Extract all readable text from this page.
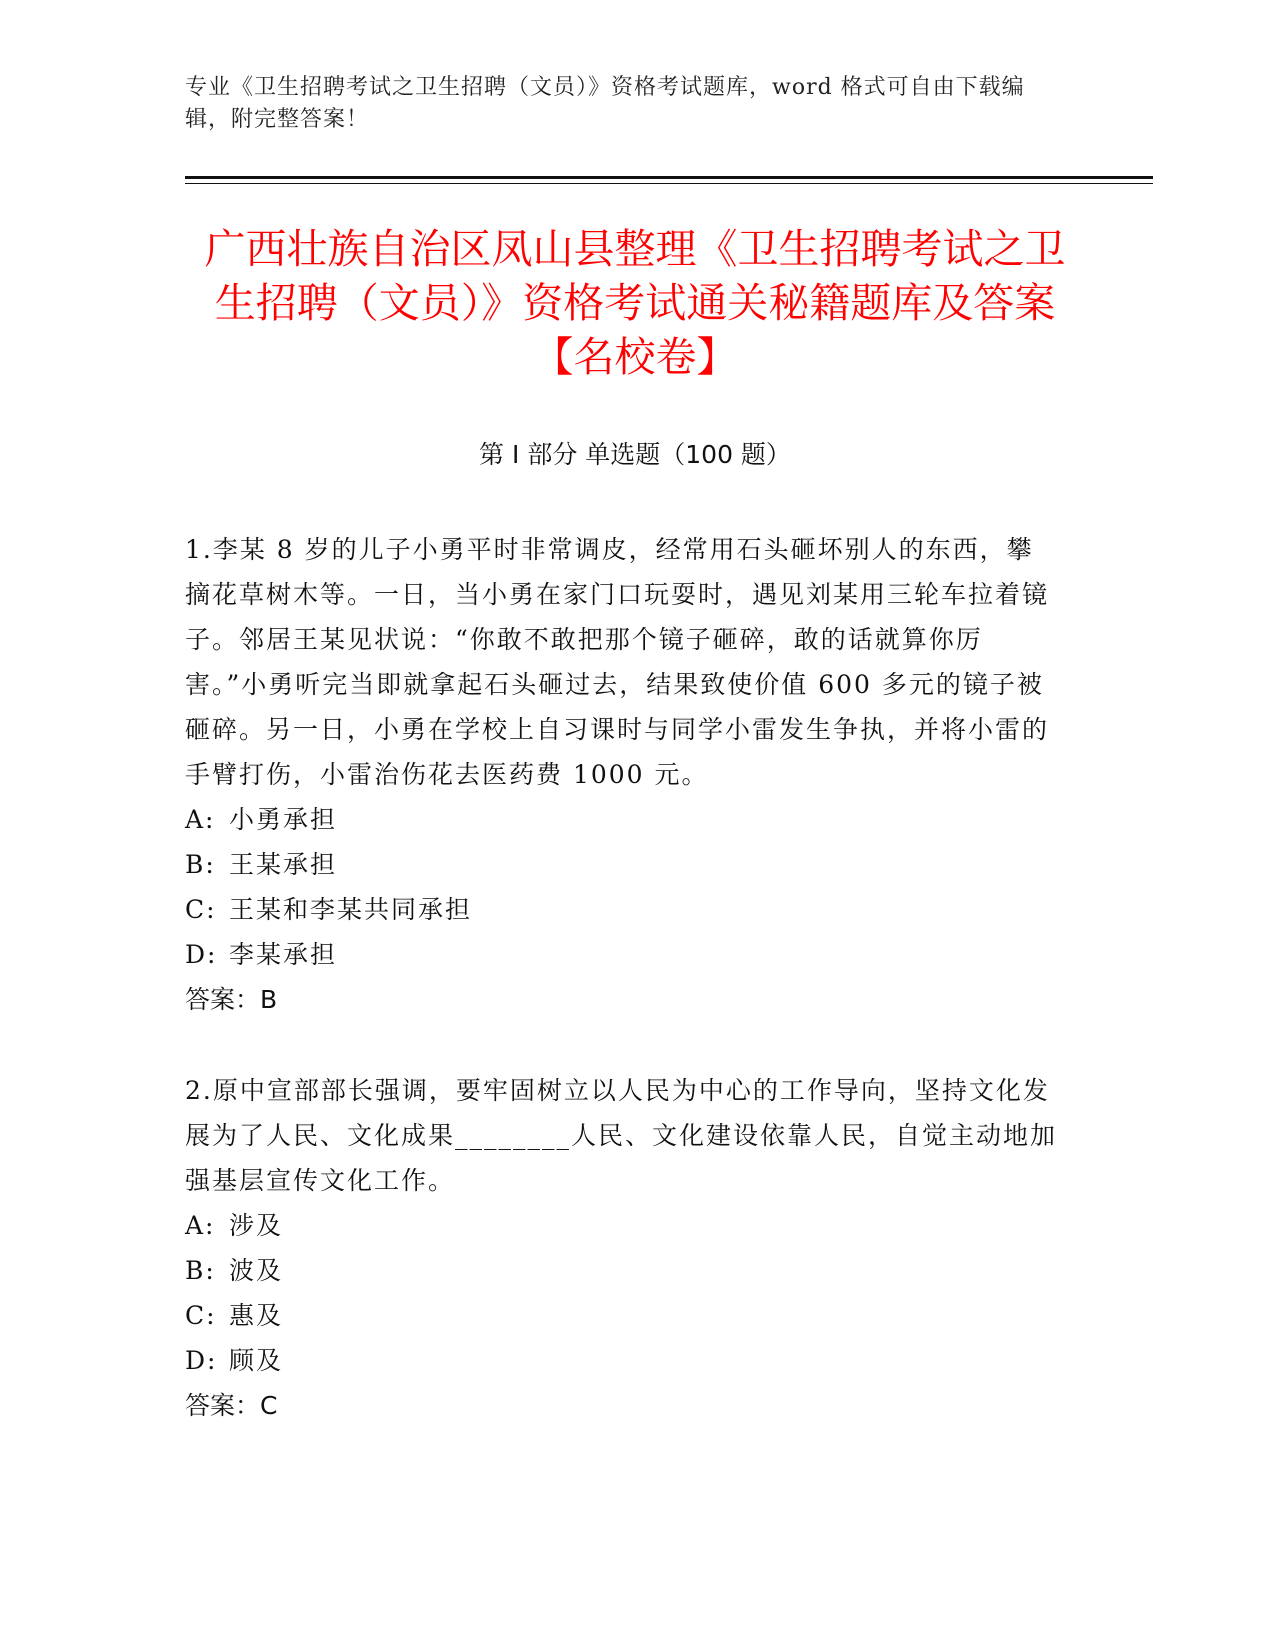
专业《卫生招聘考试之卫生招聘（文员）》资格考试题库，word 格式可自由下载编辑，附完整答案！
广西壮族自治区凤山县整理《卫生招聘考试之卫生招聘（文员）》资格考试通关秘籍题库及答案【名校卷】
第 I 部分 单选题（100 题）

1.李某 8 岁的儿子小勇平时非常调皮，经常用石头砸坏别人的东西，攀摘花草树木等。一日，当小勇在家门口玩耍时，遇见刘某用三轮车拉着镜子。邻居王某见状说：“你敢不敢把那个镜子砸碎，敢的话就算你厉害。”小勇听完当即就拿起石头砸过去，结果致使价值 600 多元的镜子被砸碎。另一日，小勇在学校上自习课时与同学小雷发生争执，并将小雷的手臂打伤，小雷治伤花去医药费 1000 元。

A: 小勇承担

B: 王某承担

C: 王某和李某共同承担

D: 李某承担

答案：B

2.原中宣部部长强调，要牢固树立以人民为中心的工作导向，坚持文化发展为了人民、文化成果________人民、文化建设依靠人民，自觉主动地加强基层宣传文化工作。

A: 涉及

B: 波及

C: 惠及

D: 顾及

答案：C
